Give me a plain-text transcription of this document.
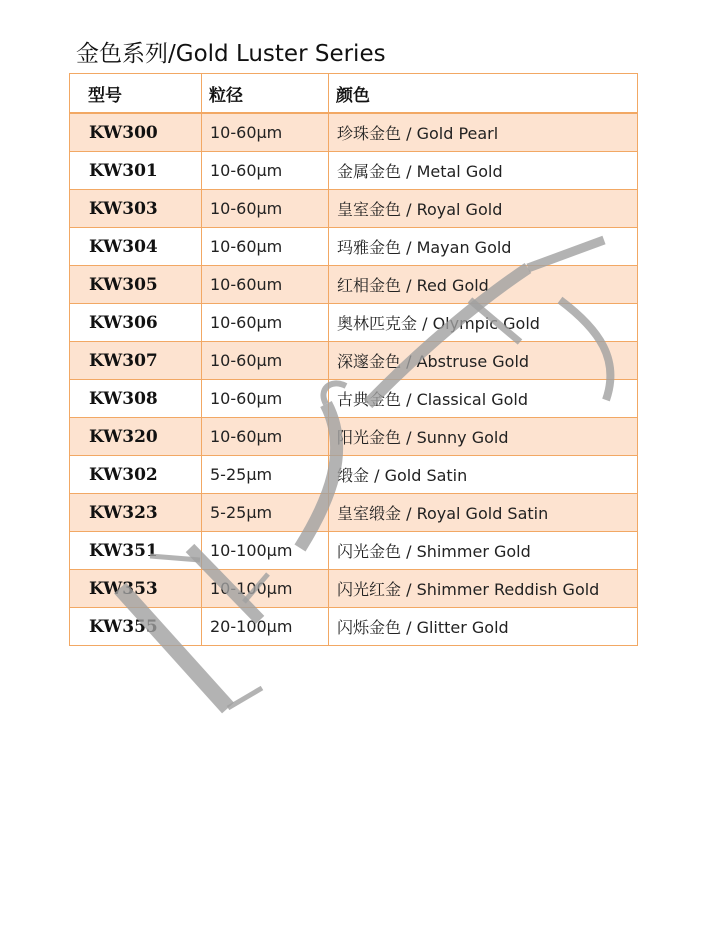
金色系列/Gold Luster Series
型号	粒径	颜色
KW300	10-60µm	珍珠金色 / Gold Pearl
KW301	10-60µm	金属金色 / Metal Gold
KW303	10-60µm	皇室金色 / Royal Gold
KW304	10-60µm	玛雅金色 / Mayan Gold
KW305	10-60um	红相金色 / Red Gold
KW306	10-60µm	奥林匹克金 / Olympic Gold
KW307	10-60µm	深邃金色 / Abstruse Gold
KW308	10-60µm	古典金色 / Classical Gold
KW320	10-60µm	阳光金色 / Sunny Gold
KW302	5-25µm	缎金 / Gold Satin
KW323	5-25µm	皇室缎金 / Royal Gold Satin
KW351	10-100µm	闪光金色 / Shimmer Gold
KW353	10-100µm	闪光红金 / Shimmer Reddish Gold
KW355	20-100µm	闪烁金色 / Glitter Gold
